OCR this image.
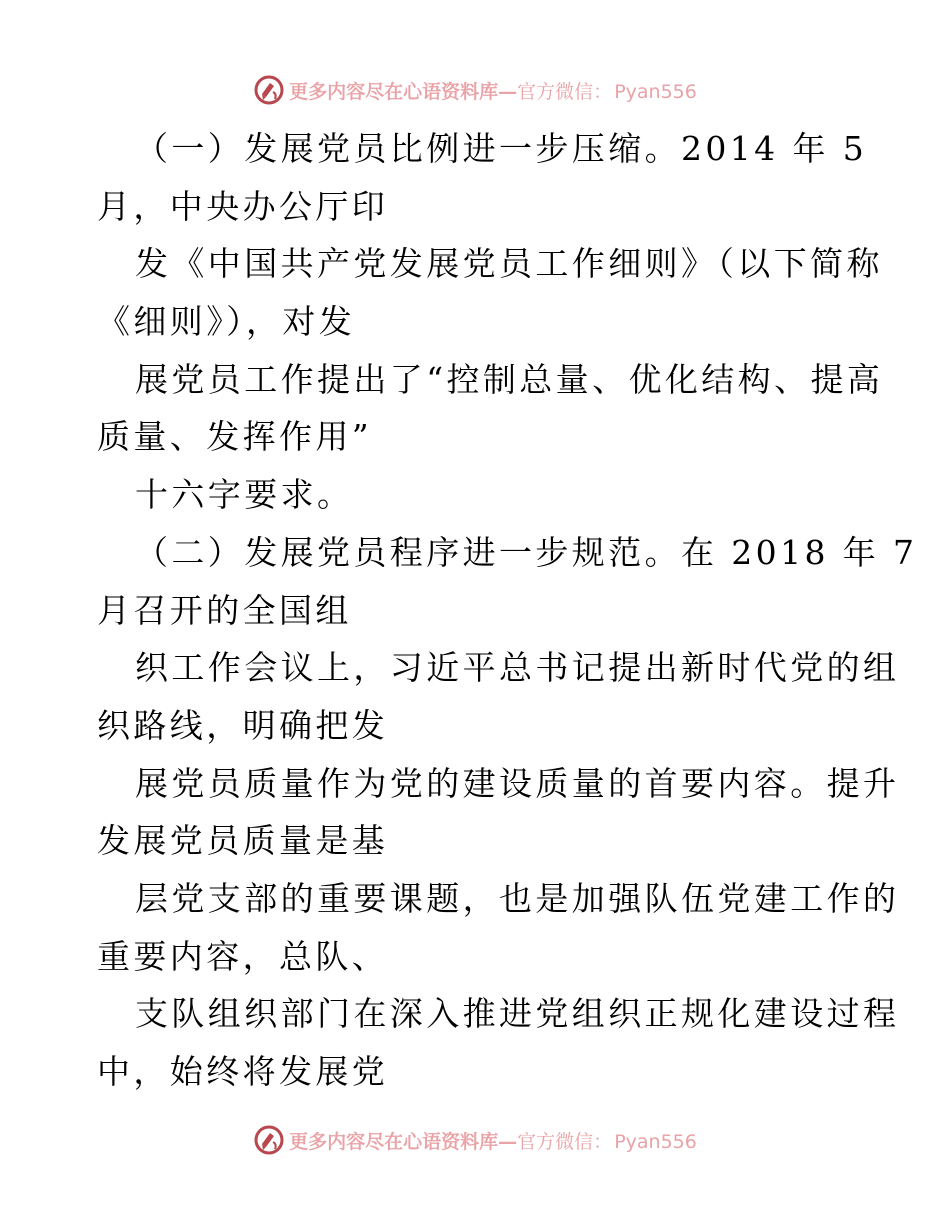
更多内容尽在心语资料库—官方微信： Pyan556
（一）发展党员比例进一步压缩。2014 年 5
月，中央办公厅印
发《中国共产党发展党员工作细则》（以下简称
《细则》），对发
展党员工作提出了“控制总量、优化结构、提高
质量、发挥作用”
十六字要求。
（二）发展党员程序进一步规范。在 2018 年 7
月召开的全国组
织工作会议上，习近平总书记提出新时代党的组
织路线，明确把发
展党员质量作为党的建设质量的首要内容。提升
发展党员质量是基
层党支部的重要课题，也是加强队伍党建工作的
重要内容，总队、
支队组织部门在深入推进党组织正规化建设过程
中，始终将发展党
更多内容尽在心语资料库—官方微信： Pyan556
